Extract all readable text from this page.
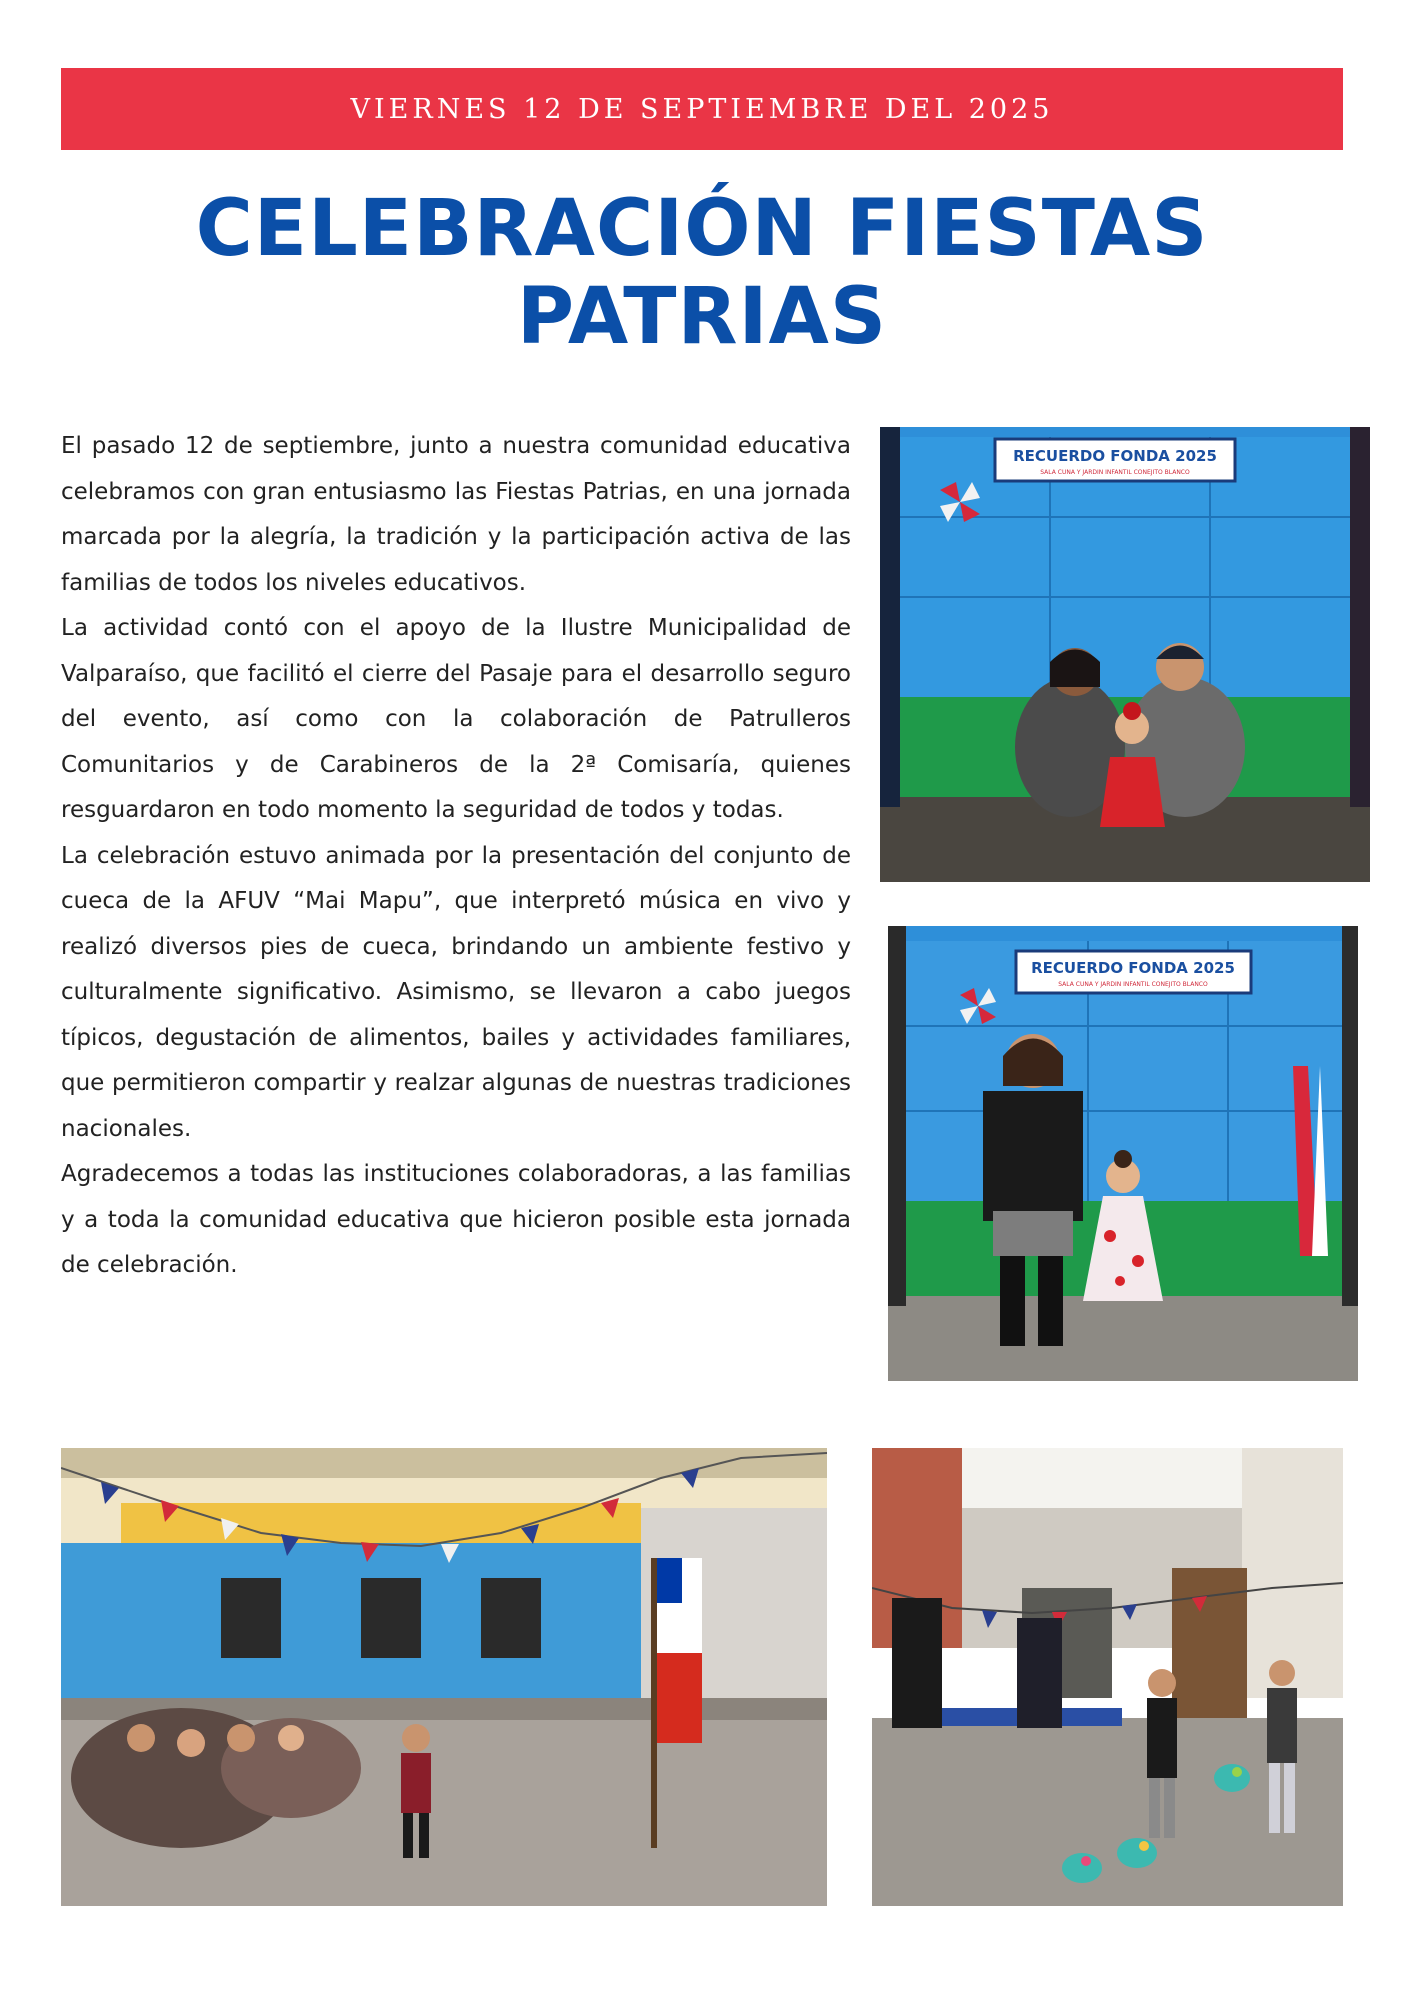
VIERNES 12 DE SEPTIEMBRE DEL 2025
CELEBRACIÓN FIESTAS PATRIAS

El pasado 12 de septiembre, junto a nuestra comunidad educativa celebramos con gran entusiasmo las Fiestas Patrias, en una jornada marcada por la alegría, la tradición y la participación activa de las familias de todos los niveles educativos.

La actividad contó con el apoyo de la Ilustre Municipalidad de Valparaíso, que facilitó el cierre del Pasaje para el desarrollo seguro del evento, así como con la colaboración de Patrulleros Comunitarios y de Carabineros de la 2ª Comisaría, quienes resguardaron en todo momento la seguridad de todos y todas.

La celebración estuvo animada por la presentación del conjunto de cueca de la AFUV “Mai Mapu”, que interpretó música en vivo y realizó diversos pies de cueca, brindando un ambiente festivo y culturalmente significativo. Asimismo, se llevaron a cabo juegos típicos, degustación de alimentos, bailes y actividades familiares, que permitieron compartir y realzar algunas de nuestras tradiciones nacionales.

Agradecemos a todas las instituciones colaboradoras, a las familias y a toda la comunidad educativa que hicieron posible esta jornada de celebración.

RECUERDO FONDA 2025
SALA CUNA Y JARDIN INFANTIL CONEJITO BLANCO
RECUERDO FONDA 2025
SALA CUNA Y JARDIN INFANTIL CONEJITO BLANCO
